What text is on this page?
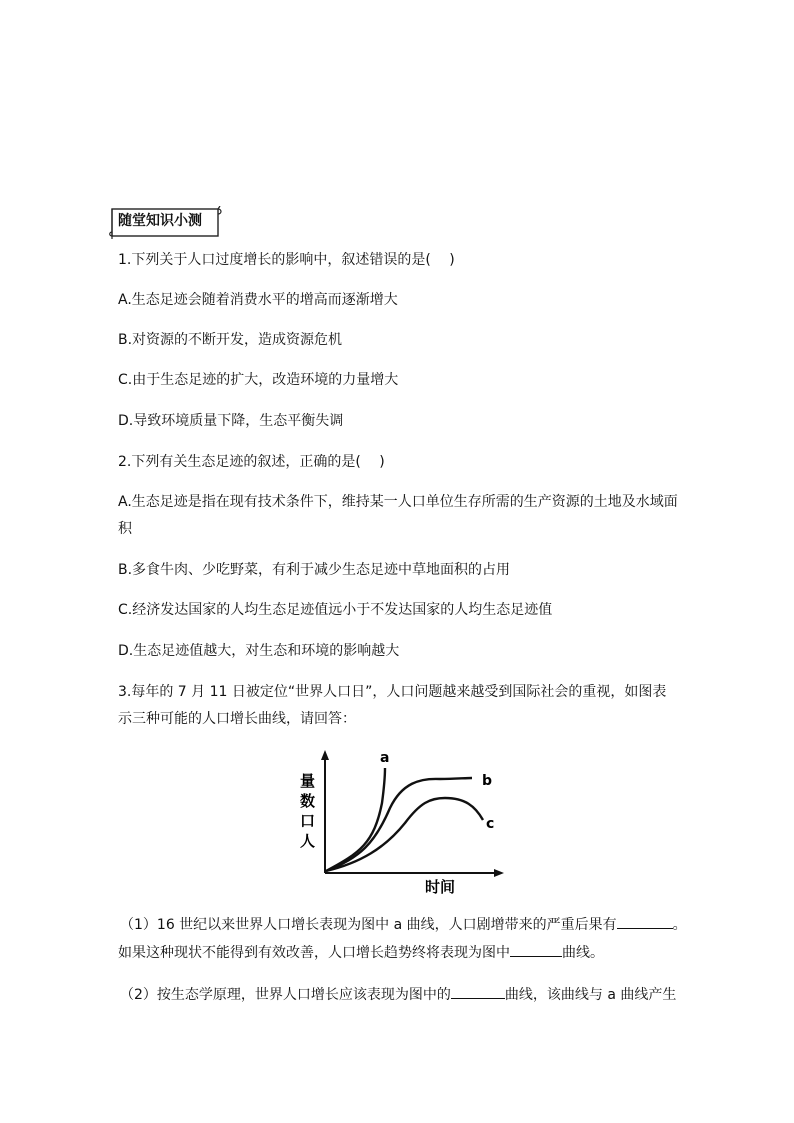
随堂知识小测
1.下列关于人口过度增长的影响中，叙述错误的是(　 )
A.生态足迹会随着消费水平的增高而逐渐增大
B.对资源的不断开发，造成资源危机
C.由于生态足迹的扩大，改造环境的力量增大
D.导致环境质量下降，生态平衡失调
2.下列有关生态足迹的叙述，正确的是(　 )
A.生态足迹是指在现有技术条件下，维持某一人口单位生存所需的生产资源的土地及水域面
积
B.多食牛肉、少吃野菜，有利于减少生态足迹中草地面积的占用
C.经济发达国家的人均生态足迹值远小于不发达国家的人均生态足迹值
D.生态足迹值越大，对生态和环境的影响越大
3.每年的 7 月 11 日被定位“世界人口日”，人口问题越来越受到国际社会的重视，如图表
示三种可能的人口增长曲线，请回答：
量
数
口
人
时间
a
b
c
（1）16 世纪以来世界人口增长表现为图中 a 曲线，人口剧增带来的严重后果有	。
如果这种现状不能得到有效改善，人口增长趋势终将表现为图中	曲线。
（2）按生态学原理，世界人口增长应该表现为图中的	曲线，该曲线与 a 曲线产生
